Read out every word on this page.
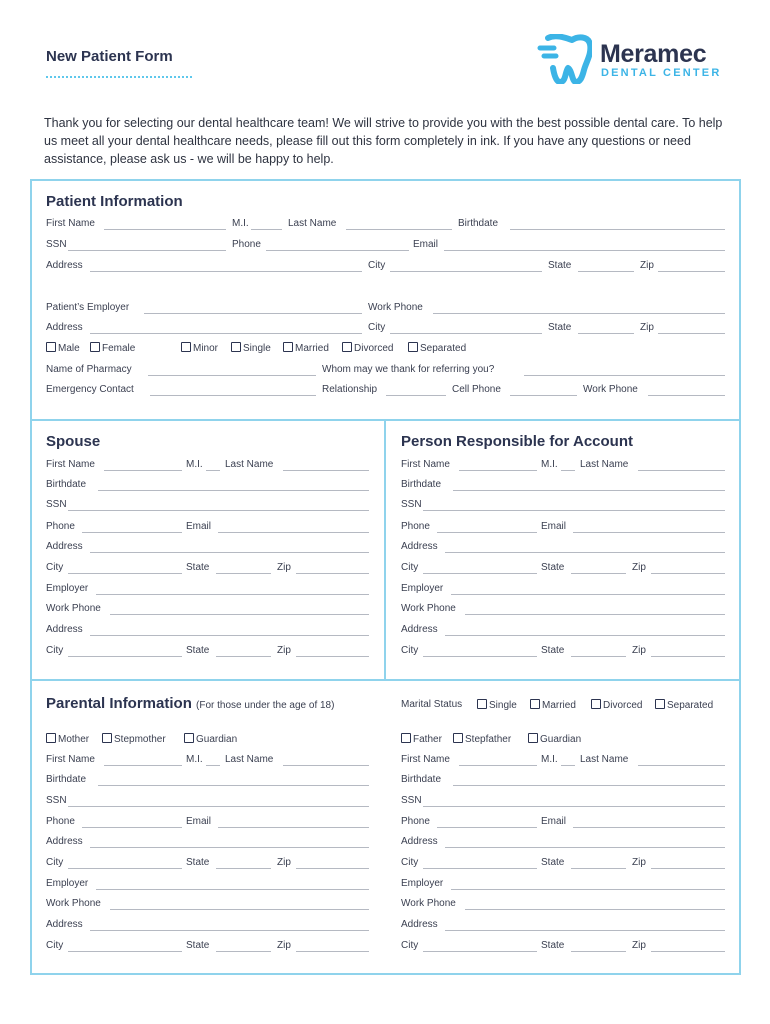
New Patient Form	Meramec
DENTAL CENTER
Thank you for selecting our dental healthcare team! We will strive to provide you with the best possible dental care. To help us meet all your dental healthcare needs, please fill out this form completely in ink. If you have any questions or need assistance, please ask us - we will be happy to help.
Patient Information
First Name	M.I.	Last Name	Birthdate
SSN	Phone	Email
Address	City	State	Zip
Patient’s Employer	Work Phone
Address	City	State	Zip
Male	Female	Minor	Single	Married	Divorced	Separated
Name of Pharmacy	Whom may we thank for referring you?
Emergency Contact	Relationship	Cell Phone	Work Phone
Spouse
First Name	M.I. Last Name
Birthdate
SSN
Phone	Email
Address
City	State	Zip
Employer
Work Phone
Address
City	State	Zip
Person Responsible for Account
First Name	M.I. Last Name
Birthdate
SSN
Phone	Email
Address
City	State	Zip
Employer
Work Phone
Address
City	State	Zip
Parental Information (For those under the age of 18)	Marital Status	Single	Married	Divorced	Separated
Mother	Stepmother	Guardian	Father	Stepfather	Guardian
First Name	M.I. Last Name
Birthdate
SSN
Phone	Email
Address
City	State	Zip
Employer
Work Phone
Address
City	State	Zip
First Name	M.I. Last Name
Birthdate
SSN
Phone	Email
Address
City	State	Zip
Employer
Work Phone
Address
City	State	Zip
